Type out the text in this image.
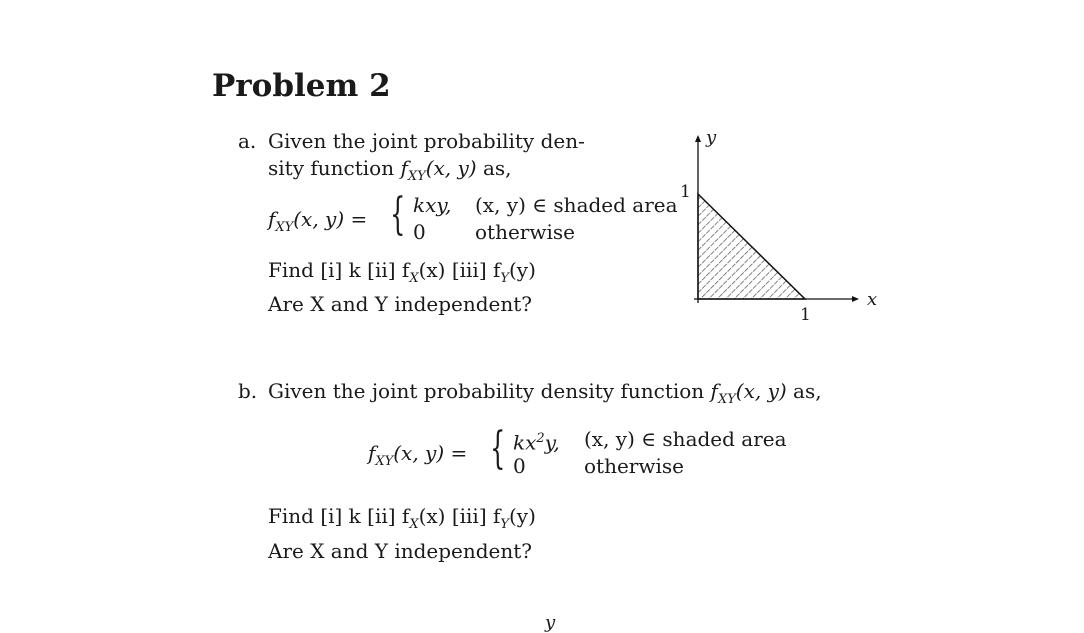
Problem 2
a. Given the joint probability den-
sity function $f_{XY}(x$, y) as,
$f_{XY}(x$, y) = { kxy, (x, y) ∈ shaded area
0 otherwise
Find [i] k [ii] $f_X(x)$ [iii] $f_Y(y)$
Are X and Y independent?
y
x
1
1
b. Given the joint probability density function $f_{XY}(x$, y) as,
$f_{XY}(x$, y) = { $kx^2y$, (x, y) ∈ shaded area
0	otherwise
Find [i] k [ii] $f_X(x)$ [iii] $f_Y(y)$
Are X and Y independent?
y
